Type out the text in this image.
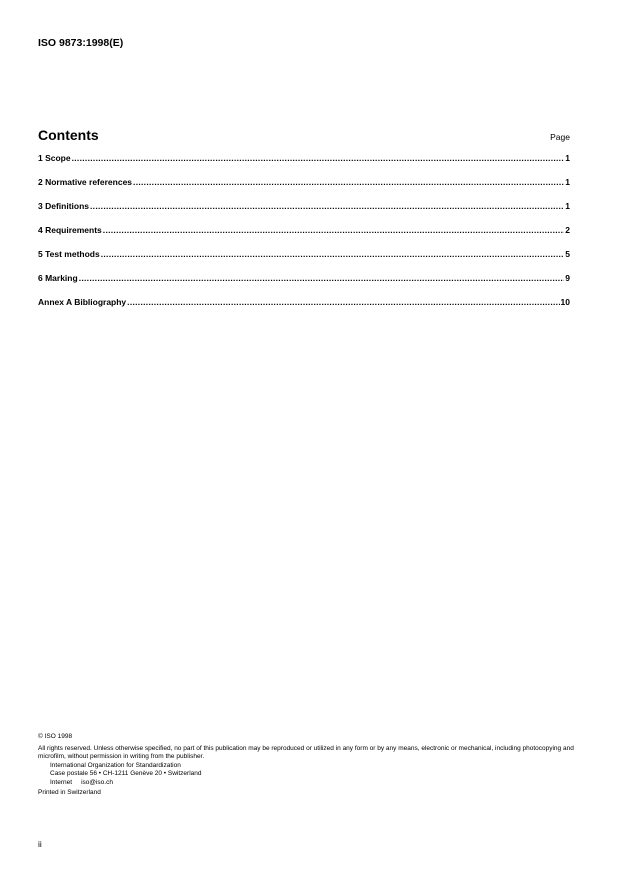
ISO 9873:1998(E)
Contents	Page
1 Scope .....	1
2 Normative references .....	1
3 Definitions .....	1
4 Requirements .....	2
5 Test methods .....	5
6 Marking .....	9
Annex A Bibliography .....	10

© ISO 1998

All rights reserved. Unless otherwise specified, no part of this publication may be reproduced or utilized in any form or by any means, electronic or mechanical, including photocopying and microfilm, without permission in writing from the publisher.

International Organization for Standardization

Case postale 56 • CH-1211 Genève 20 • Switzerland

Internet     iso@iso.ch

Printed in Switzerland

ii
